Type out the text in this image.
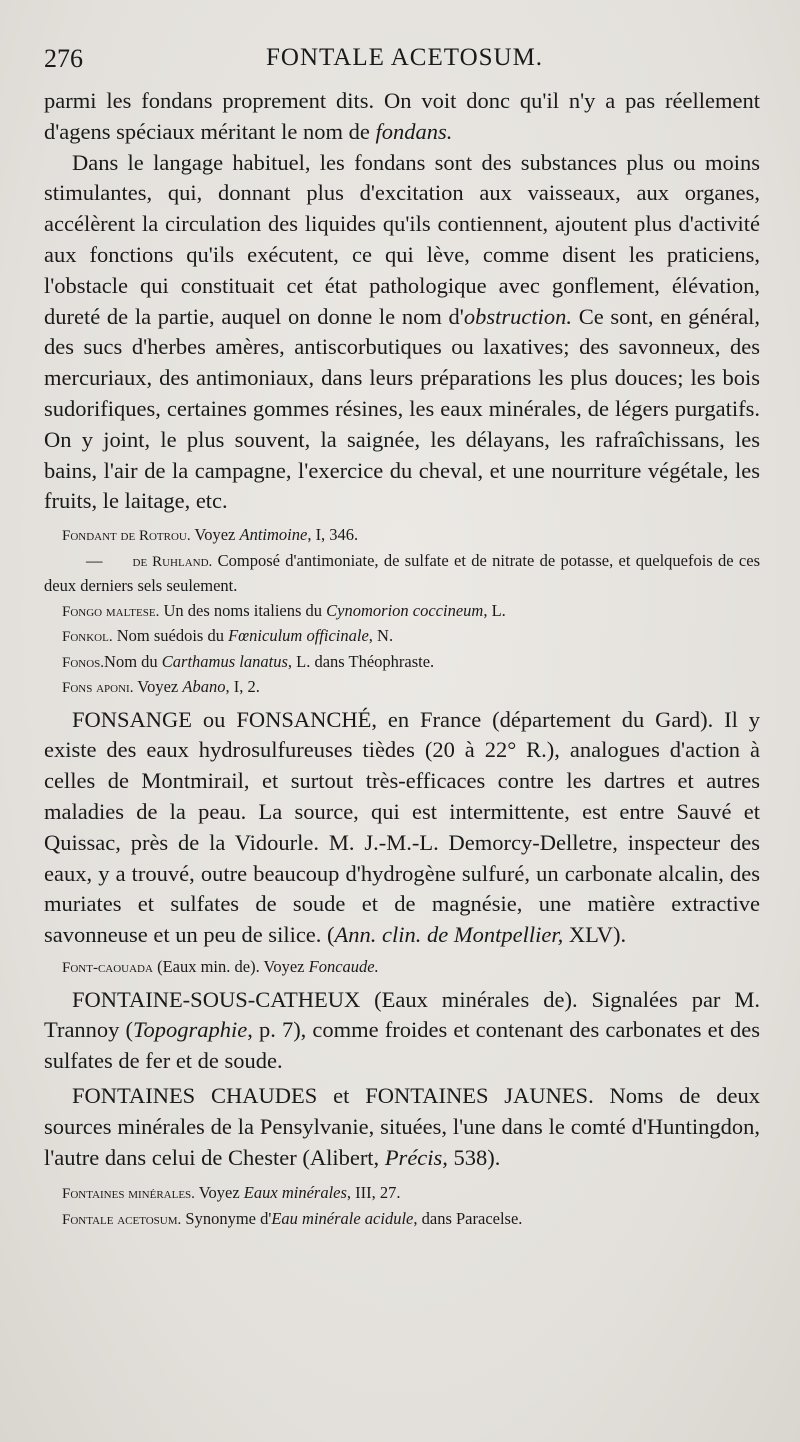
276	FONTALE ACETOSUM.

parmi les fondans proprement dits. On voit donc qu'il n'y a pas réellement d'agens spéciaux méritant le nom de fondans.

Dans le langage habituel, les fondans sont des substances plus ou moins stimulantes, qui, donnant plus d'excitation aux vaisseaux, aux organes, accélèrent la circulation des liquides qu'ils contiennent, ajoutent plus d'activité aux fonctions qu'ils exécutent, ce qui lève, comme disent les praticiens, l'obstacle qui constituait cet état pathologique avec gonflement, élévation, dureté de la partie, auquel on donne le nom d'obstruction. Ce sont, en général, des sucs d'herbes amères, antiscorbutiques ou laxatives; des savonneux, des mercuriaux, des antimoniaux, dans leurs préparations les plus douces; les bois sudorifiques, certaines gommes résines, les eaux minérales, de légers purgatifs. On y joint, le plus souvent, la saignée, les délayans, les rafraîchissans, les bains, l'air de la campagne, l'exercice du cheval, et une nourriture végétale, les fruits, le laitage, etc.

Fondant de Rotrou. Voyez Antimoine, I, 346.

— de Ruhland. Composé d'antimoniate, de sulfate et de nitrate de potasse, et quelquefois de ces deux derniers sels seulement.

Fongo maltese. Un des noms italiens du Cynomorion coccineum, L.

Fonkol. Nom suédois du Fœniculum officinale, N.

Fonos.Nom du Carthamus lanatus, L. dans Théophraste.

Fons aponi. Voyez Abano, I, 2.

FONSANGE ou FONSANCHÉ, en France (département du Gard). Il y existe des eaux hydrosulfureuses tièdes (20 à 22° R.), analogues d'action à celles de Montmirail, et surtout très-efficaces contre les dartres et autres maladies de la peau. La source, qui est intermittente, est entre Sauvé et Quissac, près de la Vidourle. M. J.-M.-L. Demorcy-Delletre, inspecteur des eaux, y a trouvé, outre beaucoup d'hydrogène sulfuré, un carbonate alcalin, des muriates et sulfates de soude et de magnésie, une matière extractive savonneuse et un peu de silice. (Ann. clin. de Montpellier, XLV).

Font-caouada (Eaux min. de). Voyez Foncaude.

FONTAINE-SOUS-CATHEUX (Eaux minérales de). Signalées par M. Trannoy (Topographie, p. 7), comme froides et contenant des carbonates et des sulfates de fer et de soude.

FONTAINES CHAUDES et FONTAINES JAUNES. Noms de deux sources minérales de la Pensylvanie, situées, l'une dans le comté d'Huntingdon, l'autre dans celui de Chester (Alibert, Précis, 538).

Fontaines minérales. Voyez Eaux minérales, III, 27.

Fontale acetosum. Synonyme d'Eau minérale acidule, dans Paracelse.
